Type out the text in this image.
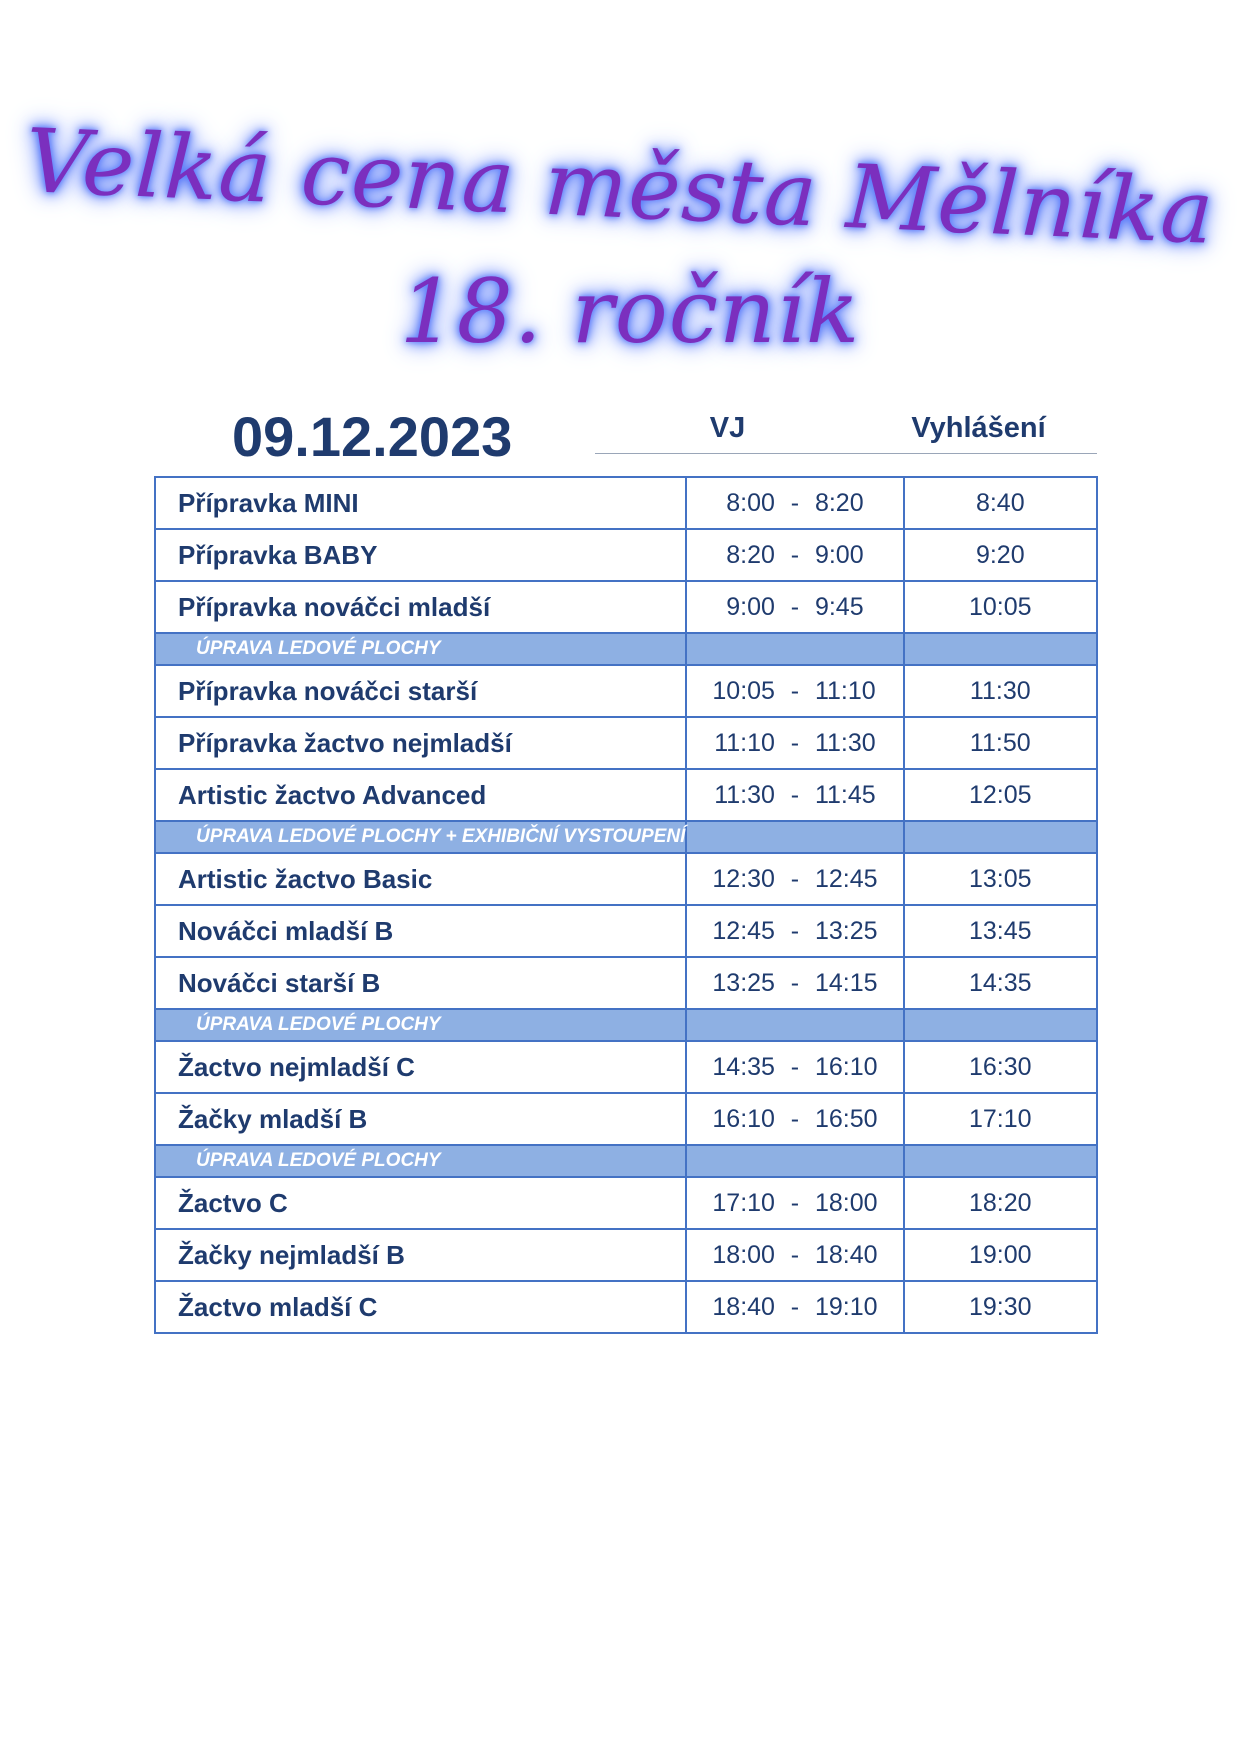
Velká cena města Mělníka
18. ročník
09.12.2023	VJ	Vyhlášení
Přípravka MINI	8:00 - 8:20	8:40
Přípravka BABY	8:20 - 9:00	9:20
Přípravka nováčci mladší	9:00 - 9:45	10:05
ÚPRAVA LEDOVÉ PLOCHY		
Přípravka nováčci starší	10:05 - 11:10	11:30
Přípravka žactvo nejmladší	11:10 - 11:30	11:50
Artistic žactvo Advanced	11:30 - 11:45	12:05
ÚPRAVA LEDOVÉ PLOCHY + EXHIBIČNÍ VYSTOUPENÍ		
Artistic žactvo Basic	12:30 - 12:45	13:05
Nováčci mladší B	12:45 - 13:25	13:45
Nováčci starší B	13:25 - 14:15	14:35
ÚPRAVA LEDOVÉ PLOCHY		
Žactvo nejmladší C	14:35 - 16:10	16:30
Žačky mladší B	16:10 - 16:50	17:10
ÚPRAVA LEDOVÉ PLOCHY		
Žactvo C	17:10 - 18:00	18:20
Žačky nejmladší B	18:00 - 18:40	19:00
Žactvo mladší C	18:40 - 19:10	19:30
